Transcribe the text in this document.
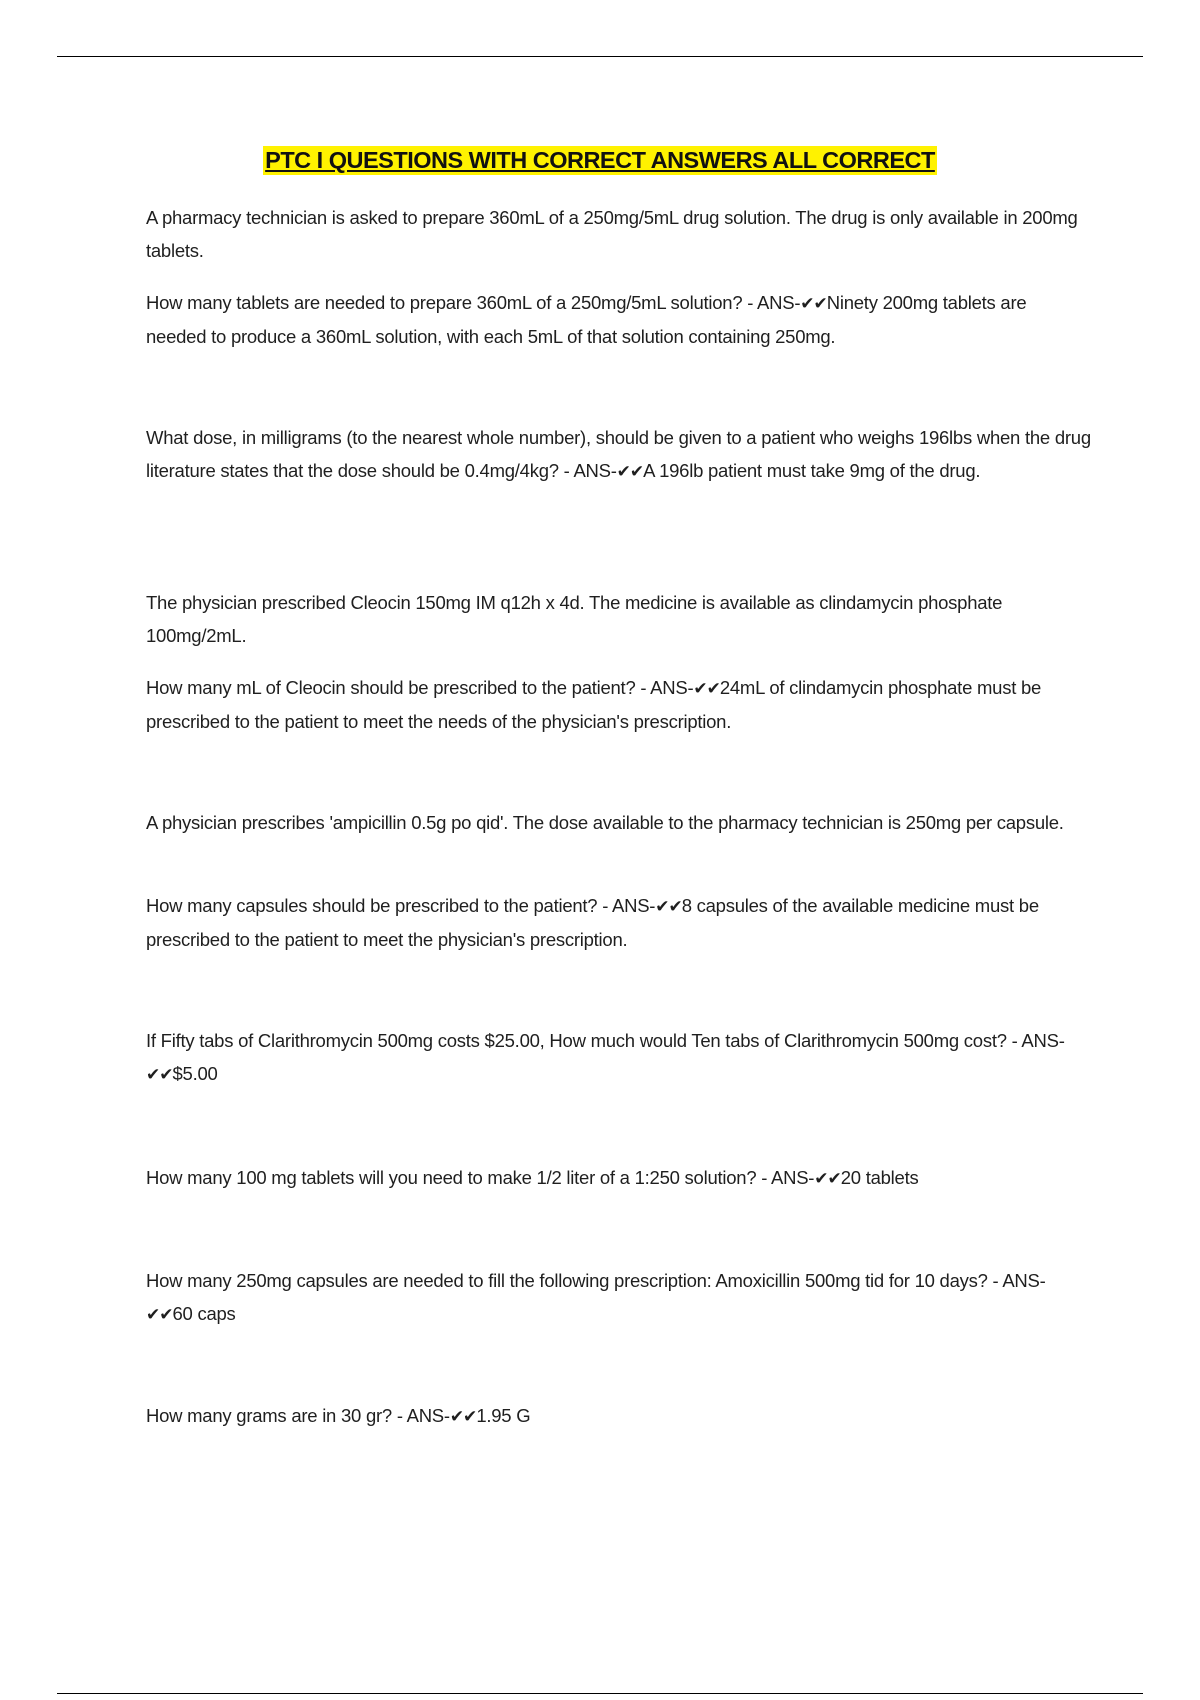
PTC I QUESTIONS WITH CORRECT ANSWERS ALL CORRECT

A pharmacy technician is asked to prepare 360mL of a 250mg/5mL drug solution. The drug is only available in 200mg tablets.

How many tablets are needed to prepare 360mL of a 250mg/5mL solution? - ANS-✔✔Ninety 200mg tablets are needed to produce a 360mL solution, with each 5mL of that solution containing 250mg.

What dose, in milligrams (to the nearest whole number), should be given to a patient who weighs 196lbs when the drug literature states that the dose should be 0.4mg/4kg? - ANS-✔✔A 196lb patient must take 9mg of the drug.

The physician prescribed Cleocin 150mg IM q12h x 4d. The medicine is available as clindamycin phosphate 100mg/2mL.

How many mL of Cleocin should be prescribed to the patient? - ANS-✔✔24mL of clindamycin phosphate must be prescribed to the patient to meet the needs of the physician's prescription.

A physician prescribes 'ampicillin 0.5g po qid'. The dose available to the pharmacy technician is 250mg per capsule.

How many capsules should be prescribed to the patient? - ANS-✔✔8 capsules of the available medicine must be prescribed to the patient to meet the physician's prescription.

If Fifty tabs of Clarithromycin 500mg costs $25.00, How much would Ten tabs of Clarithromycin 500mg cost? - ANS-✔✔$5.00

How many 100 mg tablets will you need to make 1/2 liter of a 1:250 solution? - ANS-✔✔20 tablets

How many 250mg capsules are needed to fill the following prescription: Amoxicillin 500mg tid for 10 days? - ANS-✔✔60 caps

How many grams are in 30 gr? - ANS-✔✔1.95 G
